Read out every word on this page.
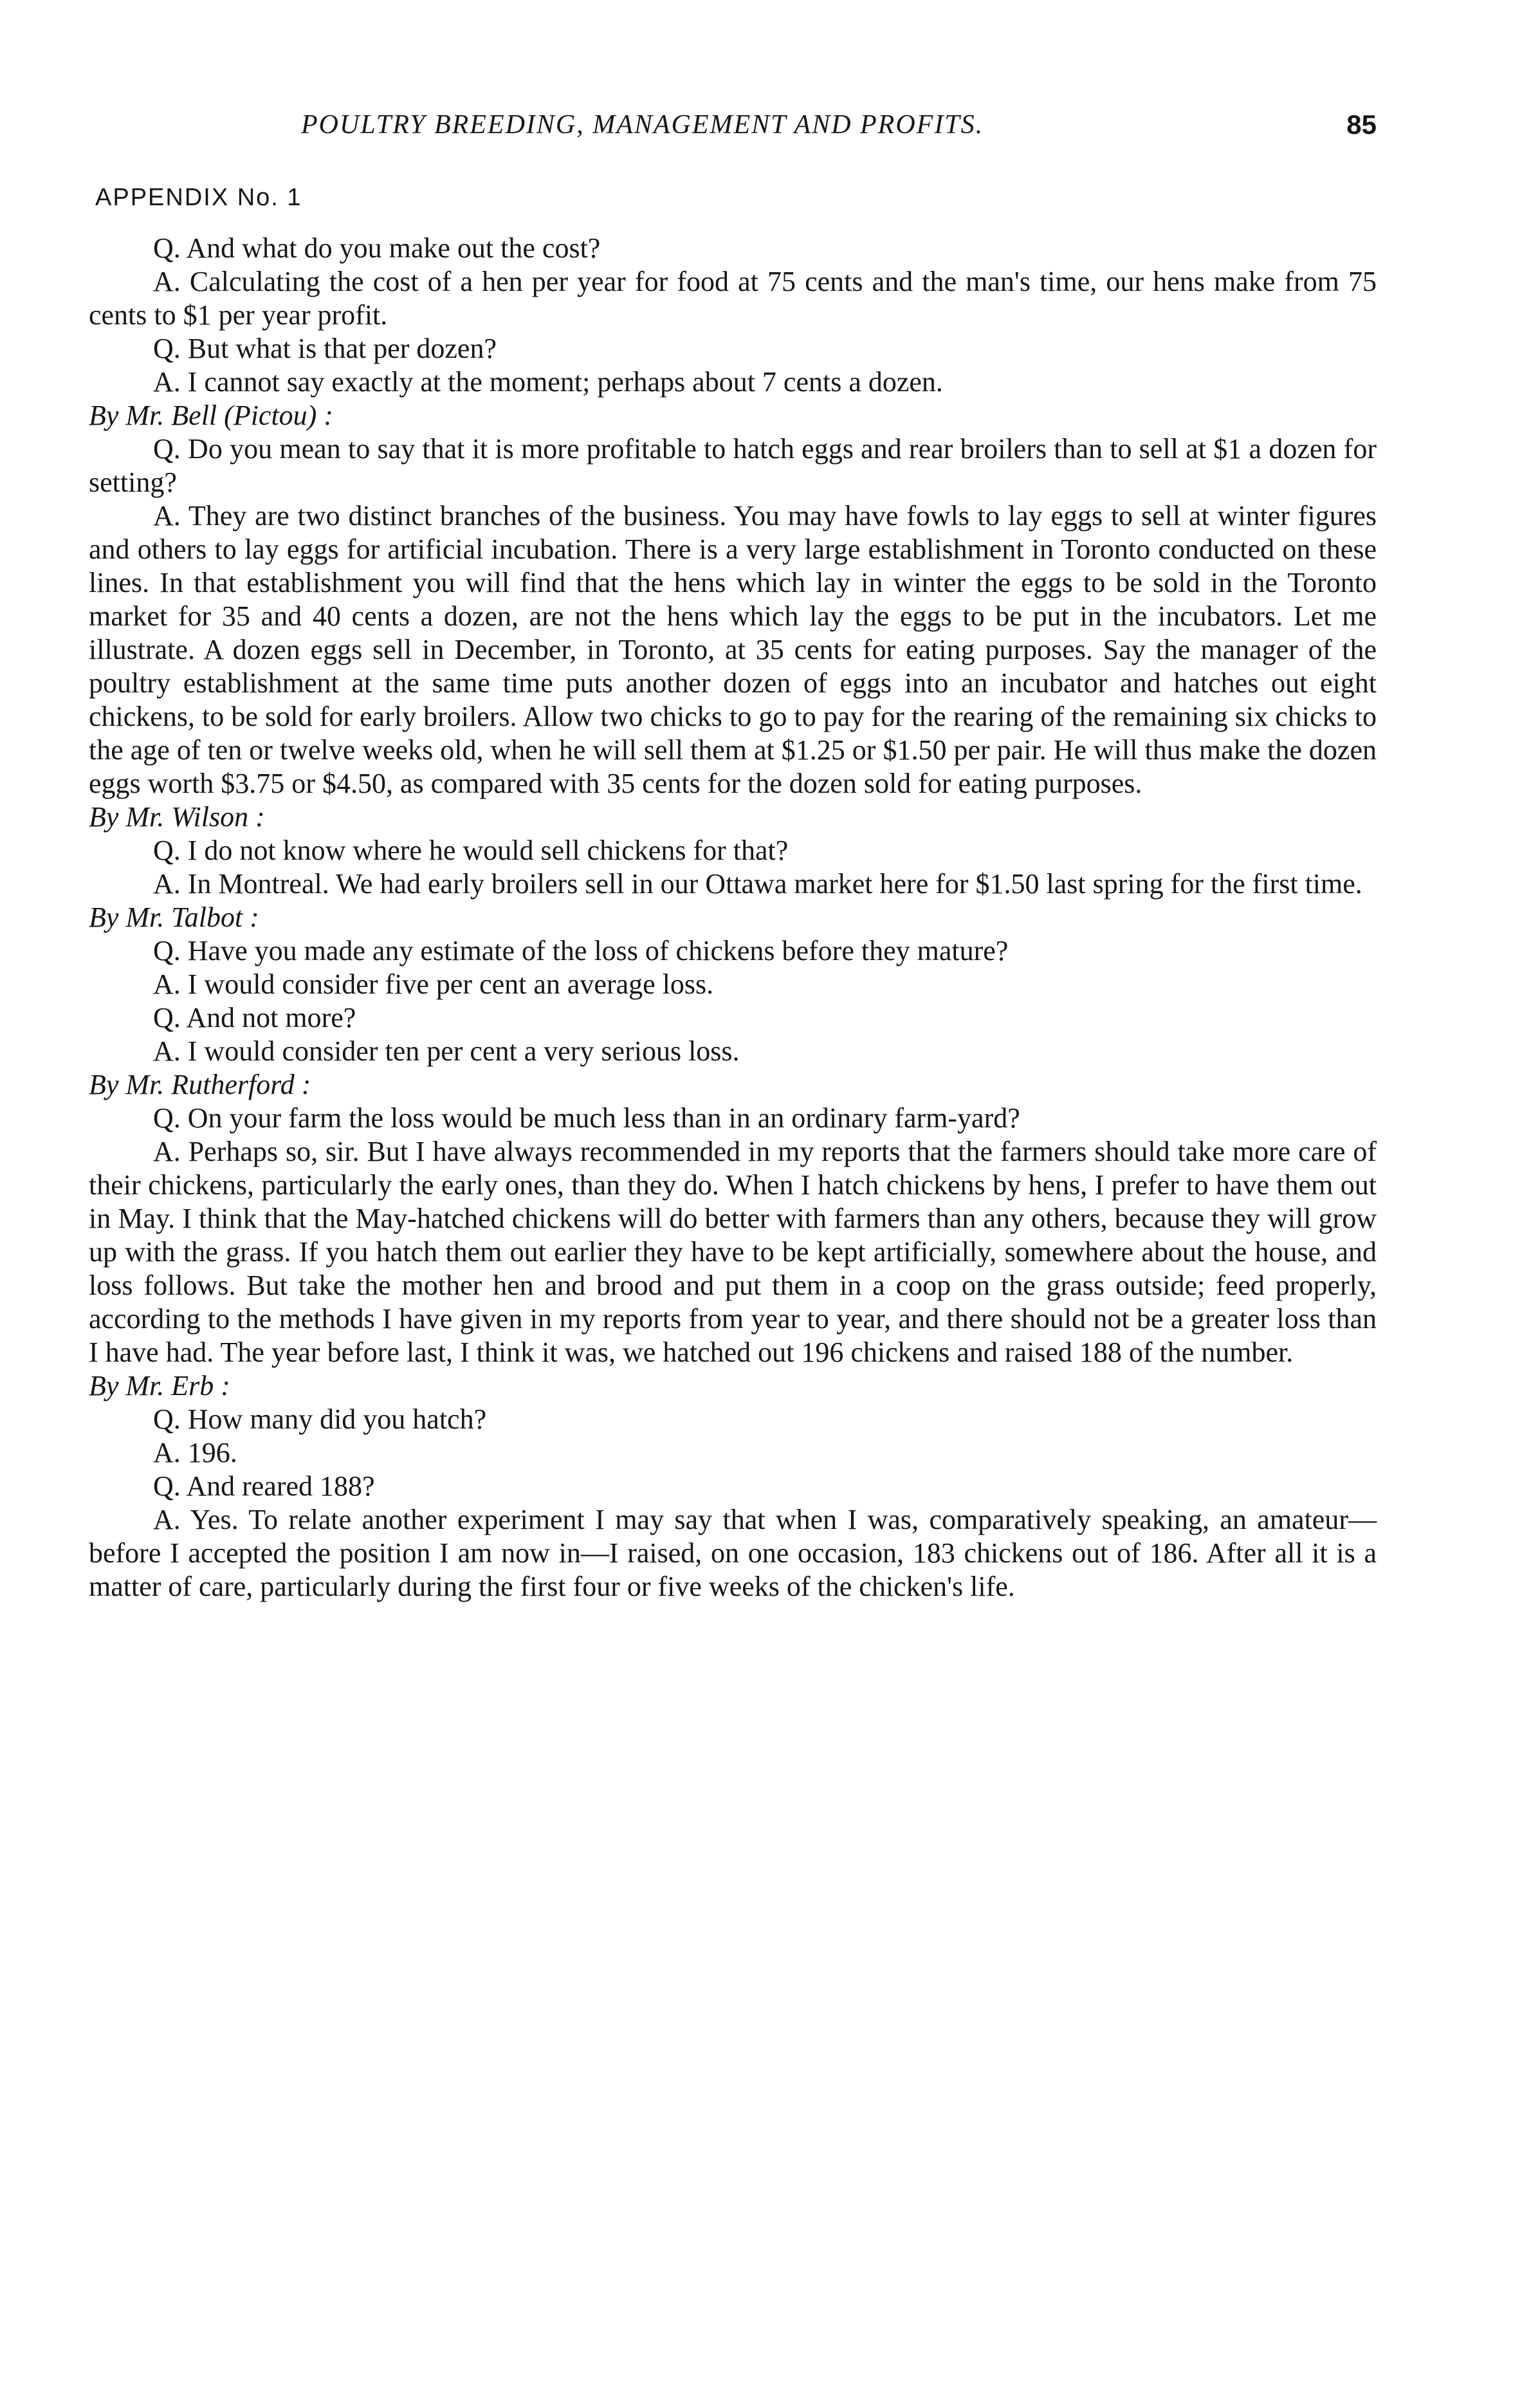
POULTRY BREEDING, MANAGEMENT AND PROFITS.	85
APPENDIX No. 1

Q. And what do you make out the cost?

A. Calculating the cost of a hen per year for food at 75 cents and the man's time, our hens make from 75 cents to $1 per year profit.

Q. But what is that per dozen?

A. I cannot say exactly at the moment; perhaps about 7 cents a dozen.

By Mr. Bell (Pictou) :

Q. Do you mean to say that it is more profitable to hatch eggs and rear broilers than to sell at $1 a dozen for setting?

A. They are two distinct branches of the business. You may have fowls to lay eggs to sell at winter figures and others to lay eggs for artificial incubation. There is a very large establishment in Toronto conducted on these lines. In that establishment you will find that the hens which lay in winter the eggs to be sold in the Toronto market for 35 and 40 cents a dozen, are not the hens which lay the eggs to be put in the incubators. Let me illustrate. A dozen eggs sell in December, in Toronto, at 35 cents for eating purposes. Say the manager of the poultry establishment at the same time puts another dozen of eggs into an incubator and hatches out eight chickens, to be sold for early broilers. Allow two chicks to go to pay for the rearing of the remaining six chicks to the age of ten or twelve weeks old, when he will sell them at $1.25 or $1.50 per pair. He will thus make the dozen eggs worth $3.75 or $4.50, as compared with 35 cents for the dozen sold for eating purposes.

By Mr. Wilson :

Q. I do not know where he would sell chickens for that?

A. In Montreal. We had early broilers sell in our Ottawa market here for $1.50 last spring for the first time.

By Mr. Talbot :

Q. Have you made any estimate of the loss of chickens before they mature?

A. I would consider five per cent an average loss.

Q. And not more?

A. I would consider ten per cent a very serious loss.

By Mr. Rutherford :

Q. On your farm the loss would be much less than in an ordinary farm-yard?

A. Perhaps so, sir. But I have always recommended in my reports that the farmers should take more care of their chickens, particularly the early ones, than they do. When I hatch chickens by hens, I prefer to have them out in May. I think that the May-hatched chickens will do better with farmers than any others, because they will grow up with the grass. If you hatch them out earlier they have to be kept artificially, somewhere about the house, and loss follows. But take the mother hen and brood and put them in a coop on the grass outside; feed properly, according to the methods I have given in my reports from year to year, and there should not be a greater loss than I have had. The year before last, I think it was, we hatched out 196 chickens and raised 188 of the number.

By Mr. Erb :

Q. How many did you hatch?

A. 196.

Q. And reared 188?

A. Yes. To relate another experiment I may say that when I was, comparatively speaking, an amateur—before I accepted the position I am now in—I raised, on one occasion, 183 chickens out of 186. After all it is a matter of care, particularly during the first four or five weeks of the chicken's life.
